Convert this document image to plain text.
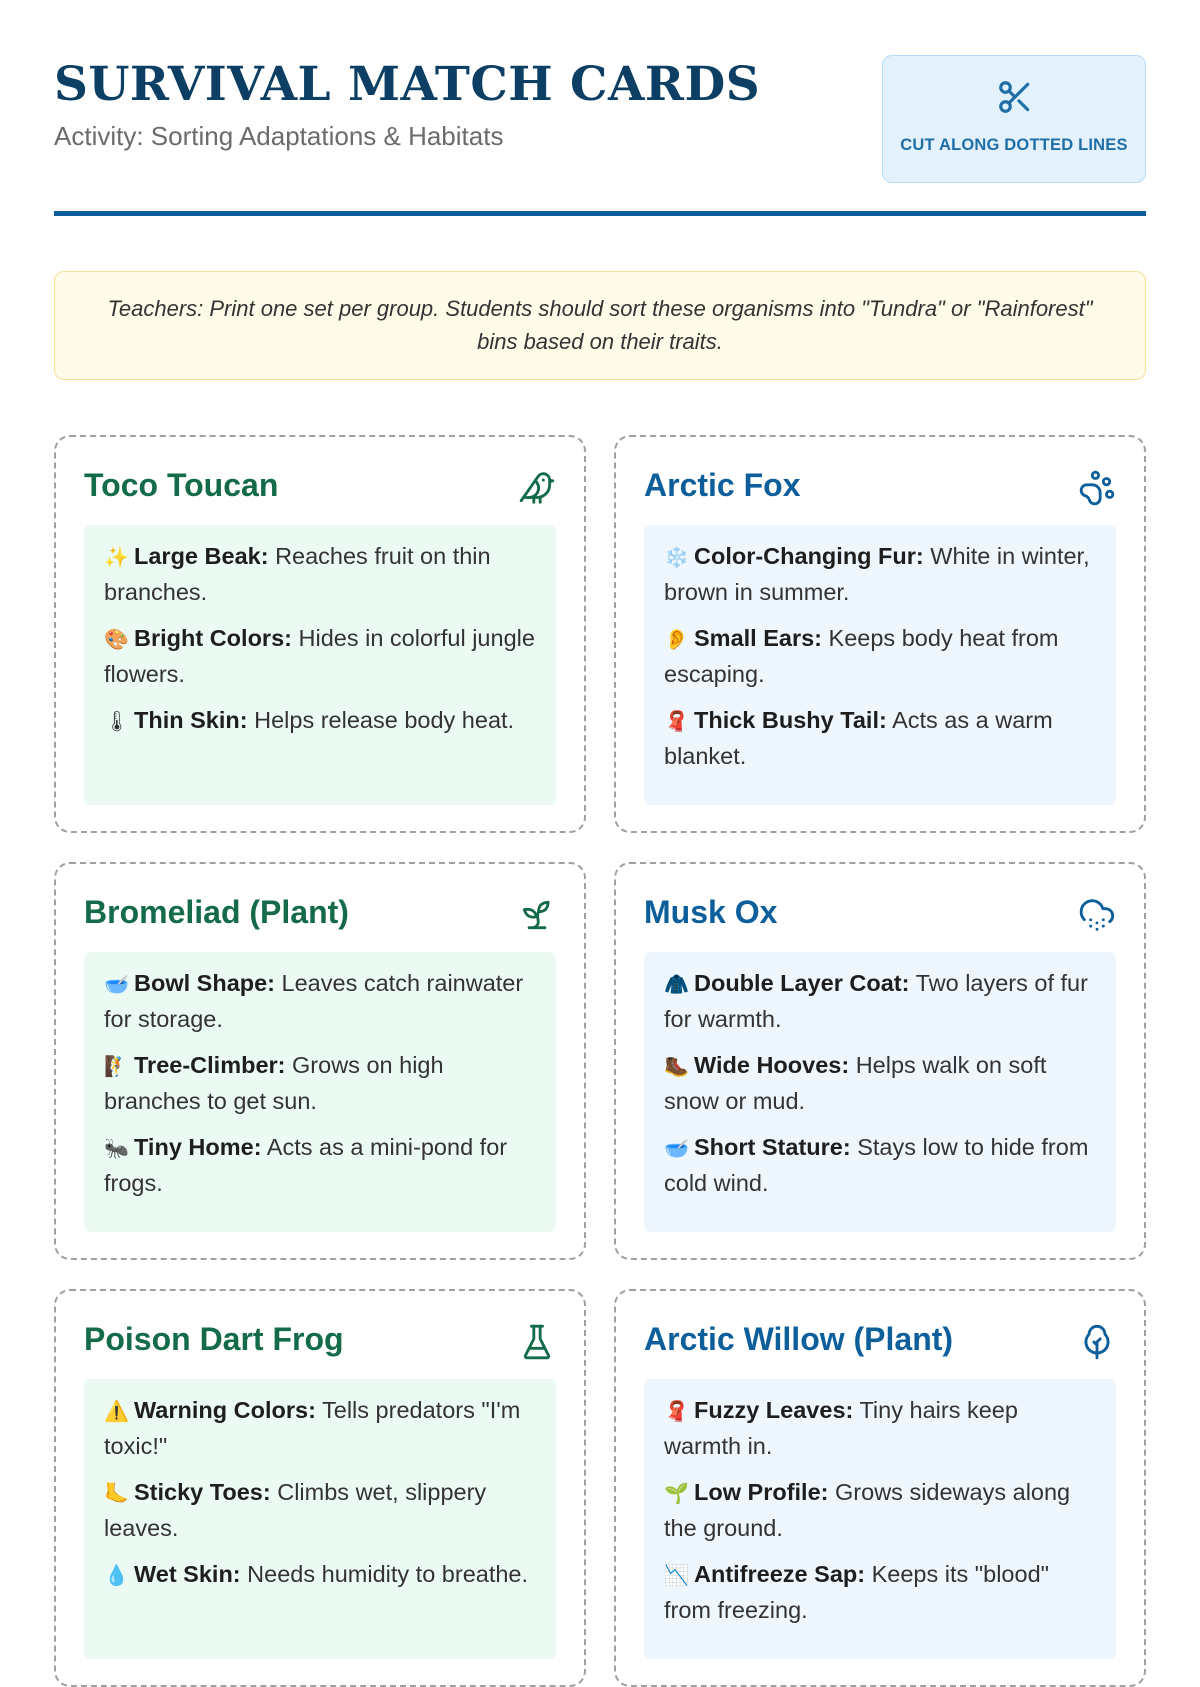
SURVIVAL MATCH CARDS
Activity: Sorting Adaptations & Habitats	CUT ALONG DOTTED LINES
Teachers: Print one set per group. Students should sort these organisms into "Tundra" or "Rainforest" bins based on their traits.
Toco Toucan
✨ Large Beak: Reaches fruit on thin branches.
🎨 Bright Colors: Hides in colorful jungle flowers.
🌡 Thin Skin: Helps release body heat.
Arctic Fox
❄️ Color-Changing Fur: White in winter, brown in summer.
👂 Small Ears: Keeps body heat from escaping.
🧣 Thick Bushy Tail: Acts as a warm blanket.
Bromeliad (Plant)
🥣 Bowl Shape: Leaves catch rainwater for storage.
🧗 Tree-Climber: Grows on high branches to get sun.
🐜 Tiny Home: Acts as a mini-pond for frogs.
Musk Ox
🧥 Double Layer Coat: Two layers of fur for warmth.
🥾 Wide Hooves: Helps walk on soft snow or mud.
🥣 Short Stature: Stays low to hide from cold wind.
Poison Dart Frog
⚠️ Warning Colors: Tells predators "I'm toxic!"
🦶 Sticky Toes: Climbs wet, slippery leaves.
💧 Wet Skin: Needs humidity to breathe.
Arctic Willow (Plant)
🧣 Fuzzy Leaves: Tiny hairs keep warmth in.
🌱 Low Profile: Grows sideways along the ground.
📉 Antifreeze Sap: Keeps its "blood" from freezing.
